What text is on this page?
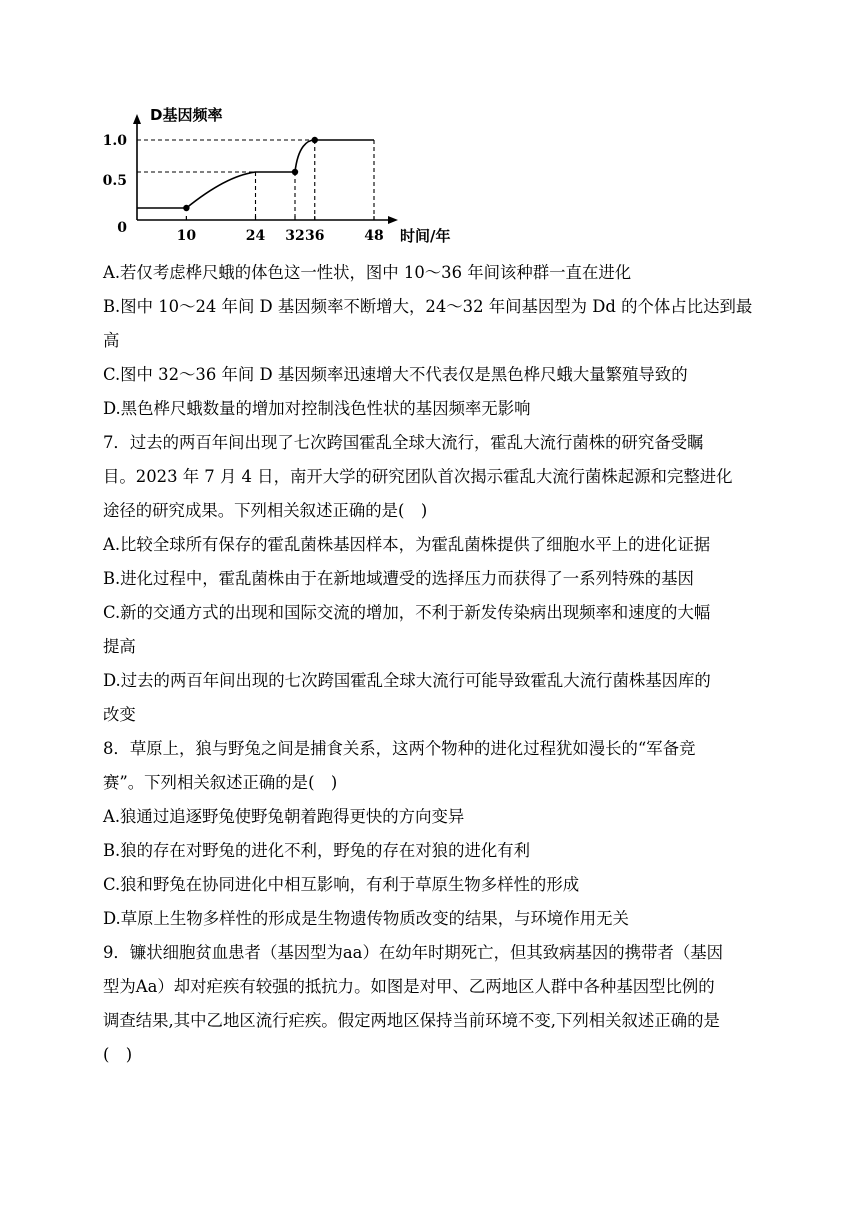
D基因频率
时间/年
10	24 32 36	48
1.0
0.5
0
A.若仅考虑桦尺蛾的体色这一性状，图中 10～36 年间该种群一直在进化
B.图中 10～24 年间 D 基因频率不断增大，24～32 年间基因型为 Dd 的个体占比达到最
高
C.图中 32～36 年间 D 基因频率迅速增大不代表仅是黑色桦尺蛾大量繁殖导致的
D.黑色桦尺蛾数量的增加对控制浅色性状的基因频率无影响
7．过去的两百年间出现了七次跨国霍乱全球大流行，霍乱大流行菌株的研究备受瞩
目。2023 年 7 月 4 日，南开大学的研究团队首次揭示霍乱大流行菌株起源和完整进化
途径的研究成果。下列相关叙述正确的是(　)
A.比较全球所有保存的霍乱菌株基因样本，为霍乱菌株提供了细胞水平上的进化证据
B.进化过程中，霍乱菌株由于在新地域遭受的选择压力而获得了一系列特殊的基因
C.新的交通方式的出现和国际交流的增加，不利于新发传染病出现频率和速度的大幅
提高
D.过去的两百年间出现的七次跨国霍乱全球大流行可能导致霍乱大流行菌株基因库的
改变
8．草原上，狼与野兔之间是捕食关系，这两个物种的进化过程犹如漫长的“军备竞
赛”。下列相关叙述正确的是(　)
A.狼通过追逐野兔使野兔朝着跑得更快的方向变异
B.狼的存在对野兔的进化不利，野兔的存在对狼的进化有利
C.狼和野兔在协同进化中相互影响，有利于草原生物多样性的形成
D.草原上生物多样性的形成是生物遗传物质改变的结果，与环境作用无关
9．镰状细胞贫血患者（基因型为aa）在幼年时期死亡，但其致病基因的携带者（基因
型为Aa）却对疟疾有较强的抵抗力。如图是对甲、乙两地区人群中各种基因型比例的
调查结果,其中乙地区流行疟疾。假定两地区保持当前环境不变,下列相关叙述正确的是
(　)
